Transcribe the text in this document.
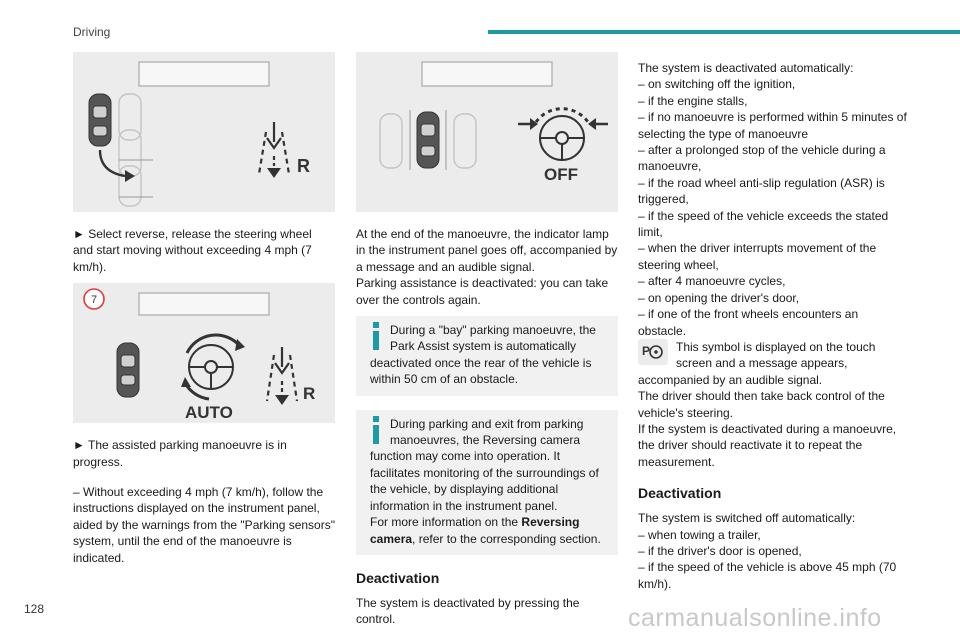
Driving
R

► Select reverse, release the steering wheel and start moving without exceeding 4 mph (7 km/h).

7
AUTO
R

► The assisted parking manoeuvre is in progress.

– Without exceeding 4 mph (7 km/h), follow the instructions displayed on the instrument panel, aided by the warnings from the "Parking sensors" system, until the end of the manoeuvre is indicated.

OFF

At the end of the manoeuvre, the indicator lamp in the instrument panel goes off, accompanied by a message and an audible signal.

Parking assistance is deactivated: you can take over the controls again.

During a "bay" parking manoeuvre, the

Park Assist system is automatically

deactivated once the rear of the vehicle is within 50 cm of an obstacle.

During parking and exit from parking

manoeuvres, the Reversing camera

function may come into operation. It facilitates monitoring of the surroundings of the vehicle, by displaying additional information in the instrument panel.

For more information on the Reversing camera, refer to the corresponding section.

Deactivation

The system is deactivated by pressing the control.

The system is deactivated automatically:

– on switching off the ignition,

– if the engine stalls,

– if no manoeuvre is performed within 5 minutes of selecting the type of manoeuvre

– after a prolonged stop of the vehicle during a manoeuvre,

– if the road wheel anti-slip regulation (ASR) is triggered,

– if the speed of the vehicle exceeds the stated limit,

– when the driver interrupts movement of the steering wheel,

– after 4 manoeuvre cycles,

– on opening the driver's door,

– if one of the front wheels encounters an obstacle.

P	This symbol is displayed on the touch

screen and a message appears,

accompanied by an audible signal.

The driver should then take back control of the vehicle's steering.

If the system is deactivated during a manoeuvre, the driver should reactivate it to repeat the measurement.

Deactivation

The system is switched off automatically:

– when towing a trailer,

– if the driver's door is opened,

– if the speed of the vehicle is above 45 mph (70 km/h).

128	carmanualsonline.info
